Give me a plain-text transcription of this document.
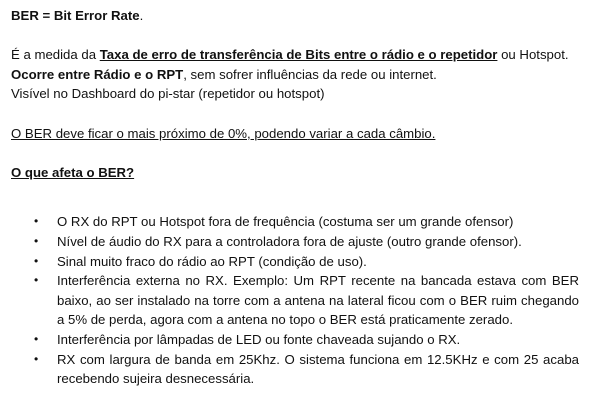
BER = Bit Error Rate.
É a medida da Taxa de erro de transferência de Bits entre o rádio e o repetidor ou Hotspot.
Ocorre entre Rádio e o RPT, sem sofrer influências da rede ou internet.
Visível no Dashboard do pi-star (repetidor ou hotspot)
O BER deve ficar o mais próximo de 0%, podendo variar a cada câmbio.
O que afeta o BER?
• O RX do RPT ou Hotspot fora de frequência (costuma ser um grande ofensor)
• Nível de áudio do RX para a controladora fora de ajuste (outro grande ofensor).
• Sinal muito fraco do rádio ao RPT (condição de uso).
• Interferência externa no RX. Exemplo: Um RPT recente na bancada estava com BER baixo, ao ser instalado na torre com a antena na lateral ficou com o BER ruim chegando a 5% de perda, agora com a antena no topo o BER está praticamente zerado.
• Interferência por lâmpadas de LED ou fonte chaveada sujando o RX.
• RX com largura de banda em 25Khz. O sistema funciona em 12.5KHz e com 25 acaba recebendo sujeira desnecessária.
